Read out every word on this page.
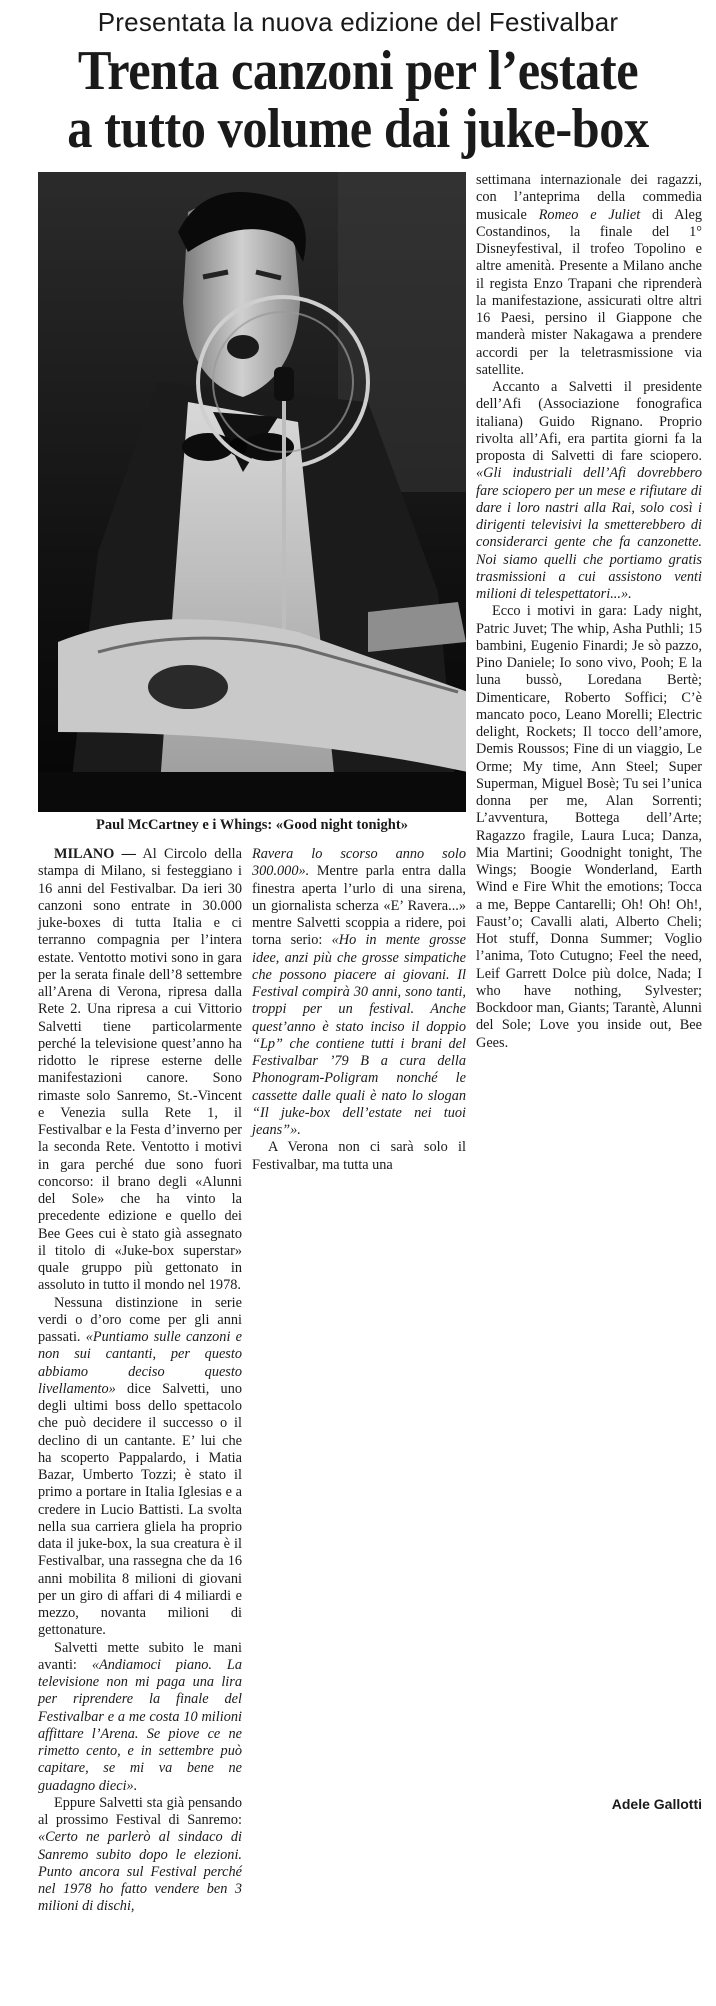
Presentata la nuova edizione del Festivalbar
Trenta canzoni per l’estate
a tutto volume dai juke-box
Paul McCartney e i Whings: «Good night tonight»

MILANO — Al Circolo della stampa di Milano, si festeggiano i 16 anni del Festivalbar. Da ieri 30 canzoni sono entrate in 30.000 juke-boxes di tutta Italia e ci terranno compagnia per l’intera estate. Ventotto motivi sono in gara per la serata finale dell’8 settembre all’Arena di Verona, ripresa dalla Rete 2. Una ripresa a cui Vittorio Salvetti tiene particolarmente perché la televisione quest’anno ha ridotto le riprese esterne delle manifestazioni canore. Sono rimaste solo Sanremo, St.-Vincent e Venezia sulla Rete 1, il Festivalbar e la Festa d’inverno per la seconda Rete. Ventotto i motivi in gara perché due sono fuori concorso: il brano degli «Alunni del Sole» che ha vinto la precedente edizione e quello dei Bee Gees cui è stato già assegnato il titolo di «Juke-box superstar» quale gruppo più gettonato in assoluto in tutto il mondo nel 1978.

Nessuna distinzione in serie verdi o d’oro come per gli anni passati. «Puntiamo sulle canzoni e non sui cantanti, per questo abbiamo deciso questo livellamento» dice Salvetti, uno degli ultimi boss dello spettacolo che può decidere il successo o il declino di un cantante. E’ lui che ha scoperto Pappalardo, i Matia Bazar, Umberto Tozzi; è stato il primo a portare in Italia Iglesias e a credere in Lucio Battisti. La svolta nella sua carriera gliela ha proprio data il juke-box, la sua creatura è il Festivalbar, una rassegna che da 16 anni mobilita 8 milioni di giovani per un giro di affari di 4 miliardi e mezzo, novanta milioni di gettonature.

Salvetti mette subito le mani avanti: «Andiamoci piano. La televisione non mi paga una lira per riprendere la finale del Festivalbar e a me costa 10 milioni affittare l’Arena. Se piove ce ne rimetto cento, e in settembre può capitare, se mi va bene ne guadagno dieci».

Eppure Salvetti sta già pensando al prossimo Festival di Sanremo: «Certo ne parlerò al sindaco di Sanremo subito dopo le elezioni. Punto ancora sul Festival perché nel 1978 ho fatto vendere ben 3 milioni di dischi,

Ravera lo scorso anno solo 300.000». Mentre parla entra dalla finestra aperta l’urlo di una sirena, un giornalista scherza «E’ Ravera...» mentre Salvetti scoppia a ridere, poi torna serio: «Ho in mente grosse idee, anzi più che grosse simpatiche che possono piacere ai giovani. Il Festival compirà 30 anni, sono tanti, troppi per un festival. Anche quest’anno è stato inciso il doppio “Lp” che contiene tutti i brani del Festivalbar ’79 B a cura della Phonogram-Poligram nonché le cassette dalle quali è nato lo slogan “Il juke-box dell’estate nei tuoi jeans”».

A Verona non ci sarà solo il Festivalbar, ma tutta una

settimana internazionale dei ragazzi, con l’anteprima della commedia musicale Romeo e Juliet di Aleg Costandinos, la finale del 1° Disneyfestival, il trofeo Topolino e altre amenità. Presente a Milano anche il regista Enzo Trapani che riprenderà la manifestazione, assicurati oltre altri 16 Paesi, persino il Giappone che manderà mister Nakagawa a prendere accordi per la teletrasmissione via satellite.

Accanto a Salvetti il presidente dell’Afi (Associazione fonografica italiana) Guido Rignano. Proprio rivolta all’Afi, era partita giorni fa la proposta di Salvetti di fare sciopero. «Gli industriali dell’Afi dovrebbero fare sciopero per un mese e rifiutare di dare i loro nastri alla Rai, solo così i dirigenti televisivi la smetterebbero di considerarci gente che fa canzonette. Noi siamo quelli che portiamo gratis trasmissioni a cui assistono venti milioni di telespettatori...».

Ecco i motivi in gara: Lady night, Patric Juvet; The whip, Asha Puthli; 15 bambini, Eugenio Finardi; Je sò pazzo, Pino Daniele; Io sono vivo, Pooh; E la luna bussò, Loredana Bertè; Dimenticare, Roberto Soffici; C’è mancato poco, Leano Morelli; Electric delight, Rockets; Il tocco dell’amore, Demis Roussos; Fine di un viaggio, Le Orme; My time, Ann Steel; Super Superman, Miguel Bosè; Tu sei l’unica donna per me, Alan Sorrenti; L’avventura, Bottega dell’Arte; Ragazzo fragile, Laura Luca; Danza, Mia Martini; Goodnight tonight, The Wings; Boogie Wonderland, Earth Wind e Fire Whit the emotions; Tocca a me, Beppe Cantarelli; Oh! Oh! Oh!, Faust’o; Cavalli alati, Alberto Cheli; Hot stuff, Donna Summer; Voglio l’anima, Toto Cutugno; Feel the need, Leif Garrett Dolce più dolce, Nada; I who have nothing, Sylvester; Bockdoor man, Giants; Tarantè, Alunni del Sole; Love you inside out, Bee Gees.

Adele Gallotti
